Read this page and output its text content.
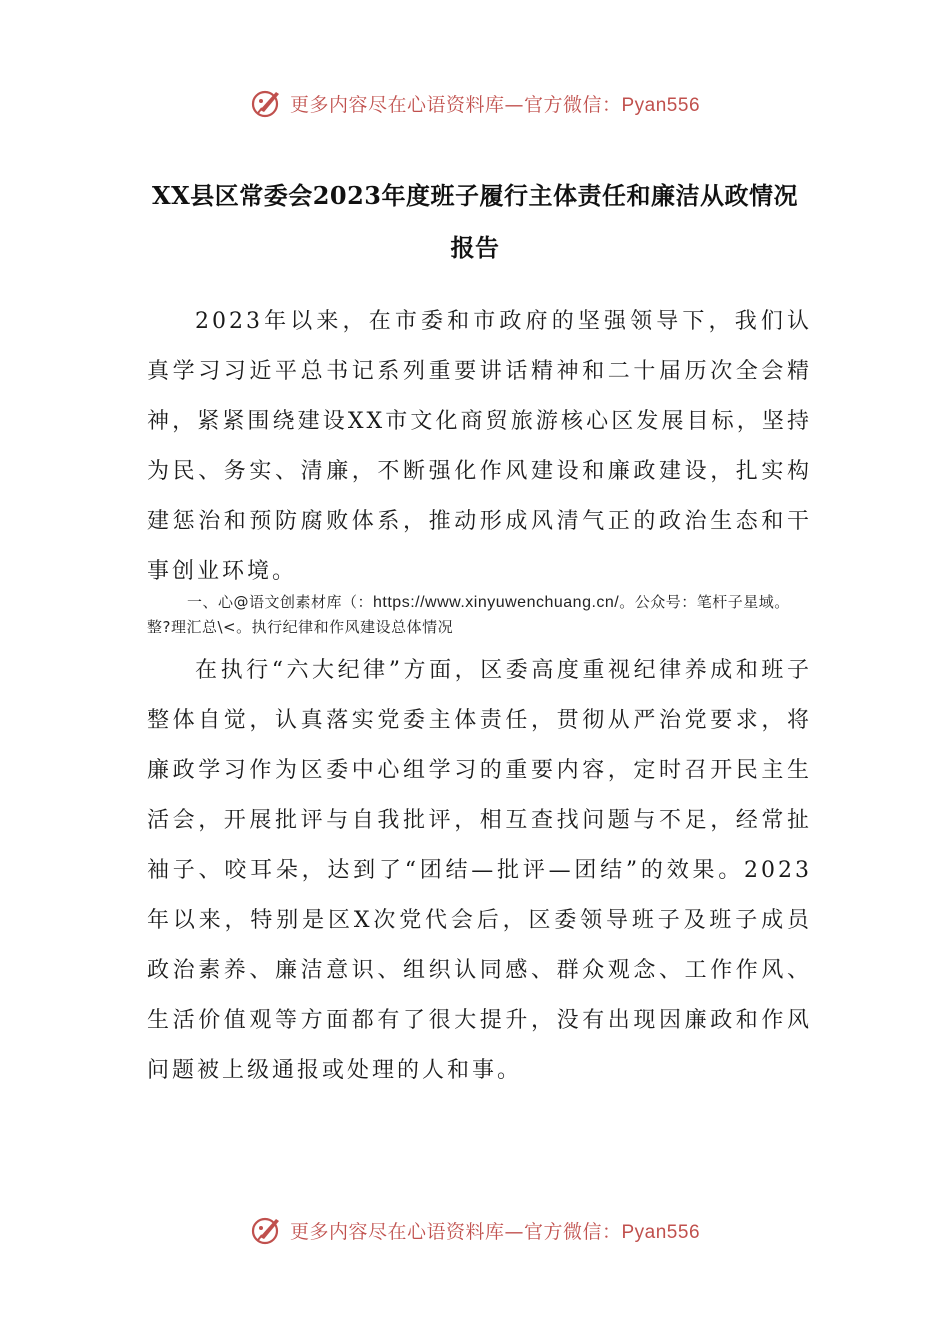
更多内容尽在心语资料库—官方微信：Pyan556
XX县区常委会2023年度班子履行主体责任和廉洁从政情况
报告

2023年以来，在市委和市政府的坚强领导下，我们认真学习习近平总书记系列重要讲话精神和二十届历次全会精神，紧紧围绕建设XX市文化商贸旅游核心区发展目标，坚持为民、务实、清廉，不断强化作风建设和廉政建设，扎实构建惩治和预防腐败体系，推动形成风清气正的政治生态和干事创业环境。

一、心@语文创素材库（：https://www.xinyuwenchuang.cn/。公众号：笔杆子星域。整?理汇总\<。执行纪律和作风建设总体情况

在执行“六大纪律”方面，区委高度重视纪律养成和班子整体自觉，认真落实党委主体责任，贯彻从严治党要求，将廉政学习作为区委中心组学习的重要内容，定时召开民主生活会，开展批评与自我批评，相互查找问题与不足，经常扯袖子、咬耳朵，达到了“团结—批评—团结”的效果。2023年以来，特别是区X次党代会后，区委领导班子及班子成员政治素养、廉洁意识、组织认同感、群众观念、工作作风、生活价值观等方面都有了很大提升，没有出现因廉政和作风问题被上级通报或处理的人和事。

更多内容尽在心语资料库—官方微信：Pyan556
